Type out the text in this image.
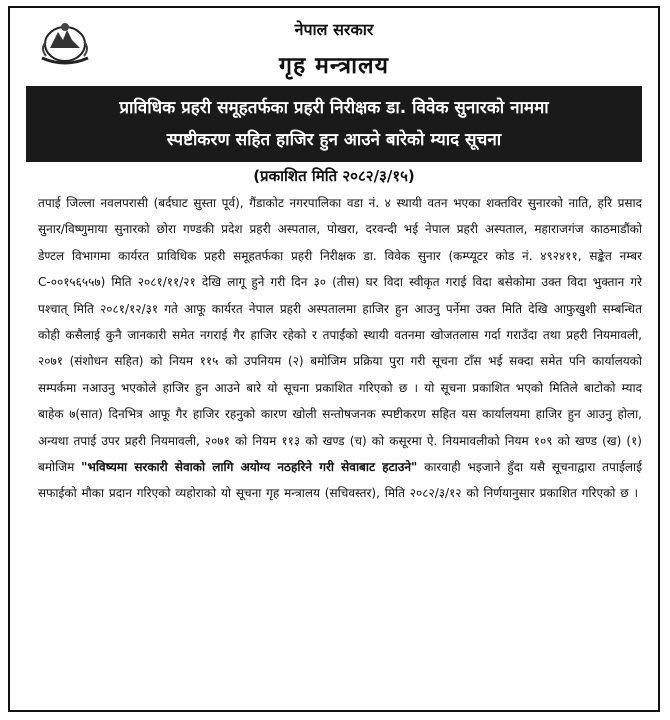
नेपाल सरकार
गृह मन्त्रालय
प्राविधिक प्रहरी समूहतर्फका प्रहरी निरीक्षक डा. विवेक सुनारको नाममा
स्पष्टीकरण सहित हाजिर हुन आउने बारेको म्याद सूचना
(प्रकाशित मिति २०८२/३/१५)
तपाई जिल्ला नवलपरासी (बर्दघाट सुस्ता पूर्व), गैंडाकोट नगरपालिका वडा नं. ४ स्थायी वतन भएका शक्तविर सुनारको नाति, हरि प्रसाद सुनार/विष्णुमाया सुनारको छोरा गण्डकी प्रदेश प्रहरी अस्पताल, पोखरा, दरवन्दी भई नेपाल प्रहरी अस्पताल, महाराजगंज काठमाडौंको डेण्टल विभागमा कार्यरत प्राविधिक प्रहरी समूहतर्फका प्रहरी निरीक्षक डा. विवेक सुनार (कम्प्यूटर कोड नं. ४९२४११, सङ्केत नम्बर C-००१५६५५७) मिति २०८१/११/२१ देखि लागू हुने गरी दिन ३० (तीस) घर विदा स्वीकृत गराई विदा बसेकोमा उक्त विदा भुक्तान गरे पश्चात् मिति २०८१/१२/३१ गते आफू कार्यरत नेपाल प्रहरी अस्पतालमा हाजिर हुन आउनु पर्नेमा उक्त मिति देखि आफुखुशी सम्बन्धित कोही कसैलाई कुनै जानकारी समेत नगराई गैर हाजिर रहेको र तपाईंको स्थायी वतनमा खोजतलास गर्दा गराउँदा तथा प्रहरी नियमावली, २०७१ (संशोधन सहित) को नियम ११५ को उपनियम (२) बमोजिम प्रक्रिया पुरा गरी सूचना टाँस भई सक्दा समेत पनि कार्यालयको सम्पर्कमा नआउनु भएकोले हाजिर हुन आउने बारे यो सूचना प्रकाशित गरिएको छ । यो सूचना प्रकाशित भएको मितिले बाटोको म्याद बाहेक ७(सात) दिनभित्र आफू गैर हाजिर रहनुको कारण खोली सन्तोषजनक स्पष्टीकरण सहित यस कार्यालयमा हाजिर हुन आउनु होला, अन्यथा तपाई उपर प्रहरी नियमावली, २०७१ को नियम ११३ को खण्ड (च) को कसूरमा ऐ. नियमावलीको नियम १०९ को खण्ड (ख) (१) बमोजिम "भविष्यमा सरकारी सेवाको लागि अयोग्य नठहरिने गरी सेवाबाट हटाउने" कारवाही भइजाने हुँदा यसै सूचनाद्वारा तपाईलाई सफाईको मौका प्रदान गरिएको व्यहोराको यो सूचना गृह मन्त्रालय (सचिवस्तर), मिति २०८२/३/१२ को निर्णयानुसार प्रकाशित गरिएको छ ।
